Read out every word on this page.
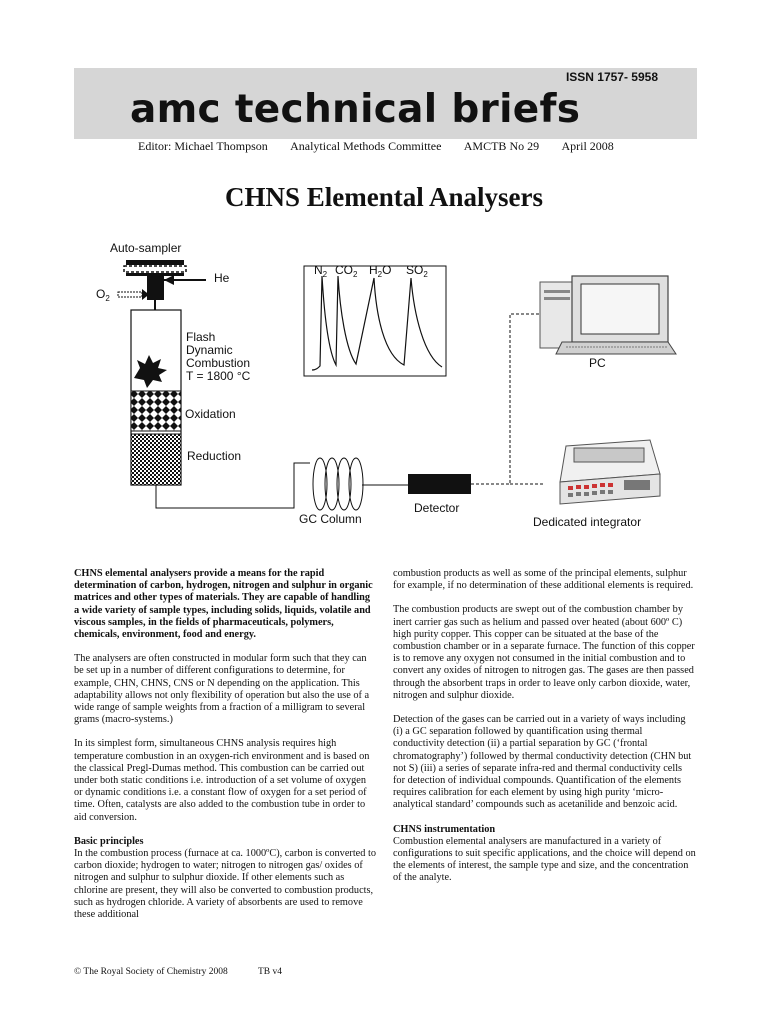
ISSN 1757- 5958
amc technical briefs
Editor: Michael Thompson Analytical Methods Committee AMCTB No 29 April 2008
CHNS Elemental Analysers
Auto-sampler
He
$O_2$
Flash Dynamic Combustion T = 1800 °C
Oxidation
Reduction
GC Column
Detector
$N_2$ $CO_2$ $H_2O$ $SO_2$
PC
Dedicated integrator

CHNS elemental analysers provide a means for the rapid determination of carbon, hydrogen, nitrogen and sulphur in organic matrices and other types of materials. They are capable of handling a wide variety of sample types, including solids, liquids, volatile and viscous samples, in the fields of pharmaceuticals, polymers, chemicals, environment, food and energy.

The analysers are often constructed in modular form such that they can be set up in a number of different configurations to determine, for example, CHN, CHNS, CNS or N depending on the application. This adaptability allows not only flexibility of operation but also the use of a wide range of sample weights from a fraction of a milligram to several grams (macro-systems.)

In its simplest form, simultaneous CHNS analysis requires high temperature combustion in an oxygen-rich environment and is based on the classical Pregl-Dumas method. This combustion can be carried out under both static conditions i.e. introduction of a set volume of oxygen or dynamic conditions i.e. a constant flow of oxygen for a set period of time. Often, catalysts are also added to the combustion tube in order to aid conversion.

Basic principles

In the combustion process (furnace at ca. 1000ºC), carbon is converted to carbon dioxide; hydrogen to water; nitrogen to nitrogen gas/ oxides of nitrogen and sulphur to sulphur dioxide. If other elements such as chlorine are present, they will also be converted to combustion products, such as hydrogen chloride. A variety of absorbents are used to remove these additional

combustion products as well as some of the principal elements, sulphur for example, if no determination of these additional elements is required.

The combustion products are swept out of the combustion chamber by inert carrier gas such as helium and passed over heated (about 600º C) high purity copper. This copper can be situated at the base of the combustion chamber or in a separate furnace. The function of this copper is to remove any oxygen not consumed in the initial combustion and to convert any oxides of nitrogen to nitrogen gas. The gases are then passed through the absorbent traps in order to leave only carbon dioxide, water, nitrogen and sulphur dioxide.

Detection of the gases can be carried out in a variety of ways including (i) a GC separation followed by quantification using thermal conductivity detection (ii) a partial separation by GC (‘frontal chromatography’) followed by thermal conductivity detection (CHN but not S) (iii) a series of separate infra-red and thermal conductivity cells for detection of individual compounds. Quantification of the elements requires calibration for each element by using high purity ‘micro-analytical standard’ compounds such as acetanilide and benzoic acid.

CHNS instrumentation

Combustion elemental analysers are manufactured in a variety of configurations to suit specific applications, and the choice will depend on the elements of interest, the sample type and size, and the concentration of the analyte.

© The Royal Society of Chemistry 2008	TB v4
